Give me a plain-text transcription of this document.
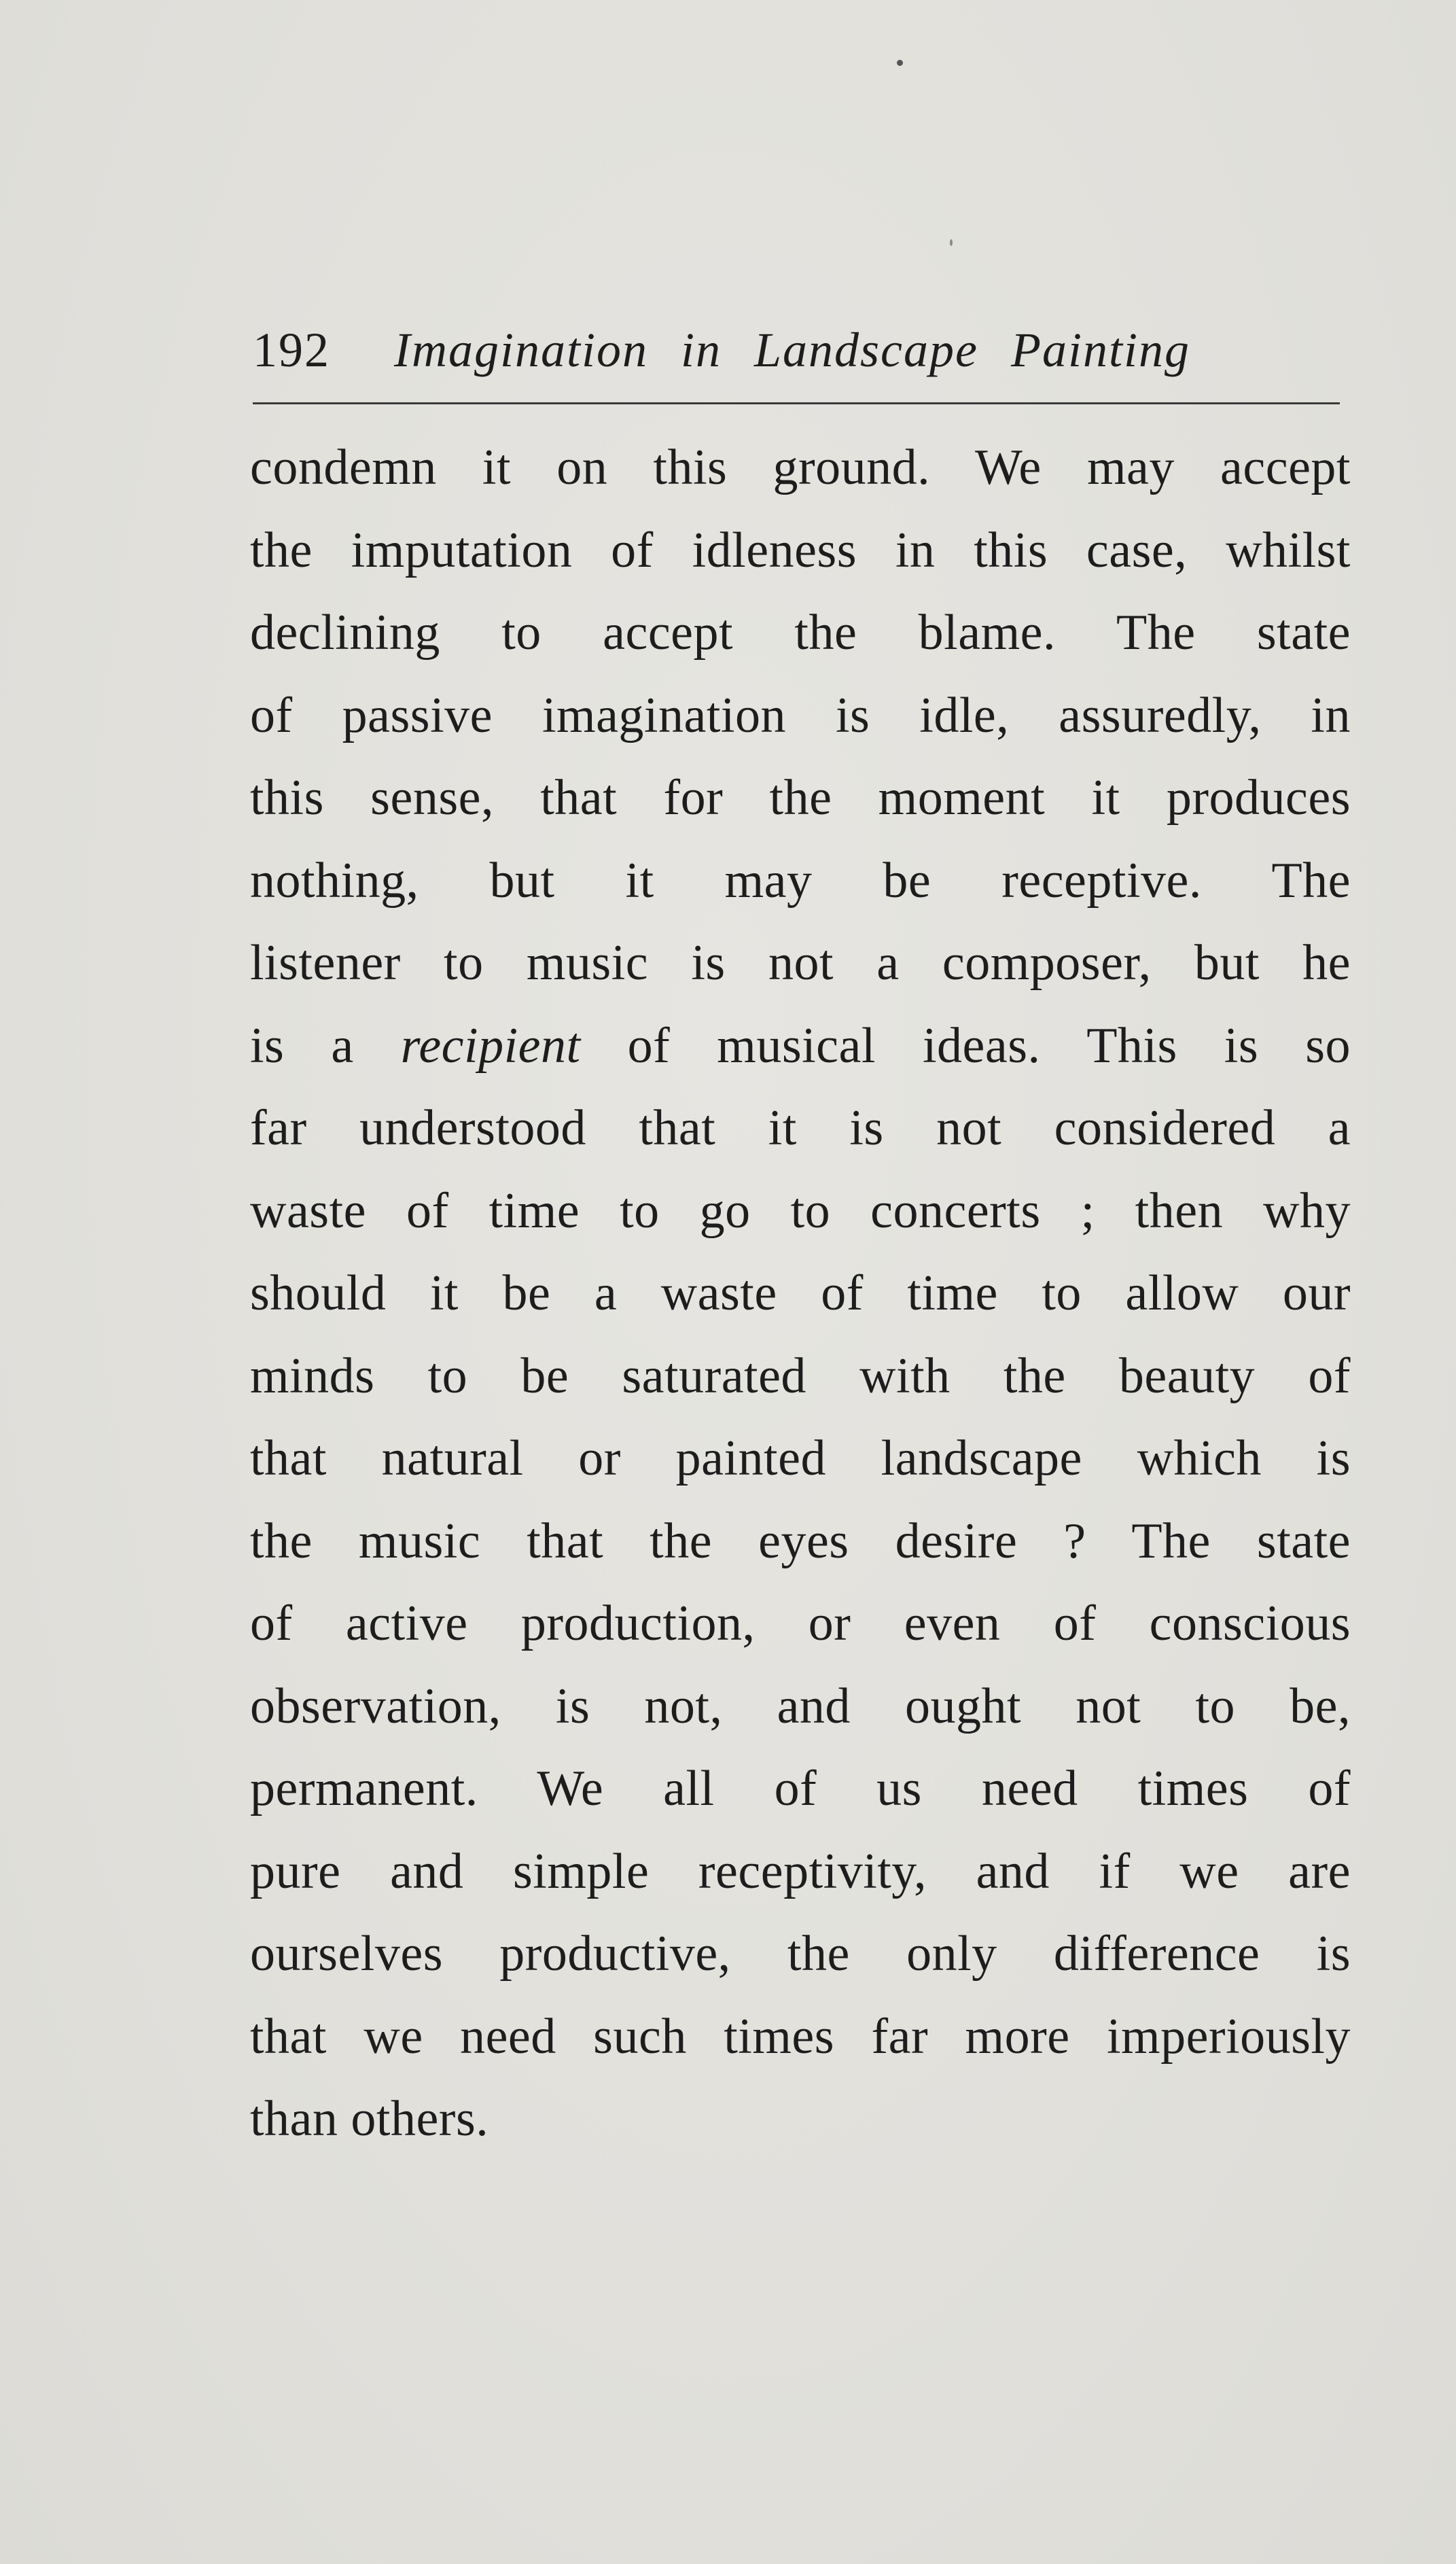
192 Imagination in Landscape Painting
condemn it on this ground. We may accept
the imputation of idleness in this case, whilst
declining to accept the blame. The state
of passive imagination is idle, assuredly, in
this sense, that for the moment it produces
nothing, but it may be receptive. The
listener to music is not a composer, but he
is a recipient of musical ideas. This is so
far understood that it is not considered a
waste of time to go to concerts ; then why
should it be a waste of time to allow our
minds to be saturated with the beauty of
that natural or painted landscape which is
the music that the eyes desire ? The state
of active production, or even of conscious
observation, is not, and ought not to be,
permanent. We all of us need times of
pure and simple receptivity, and if we are
ourselves productive, the only difference is
that we need such times far more imperiously
than others.
